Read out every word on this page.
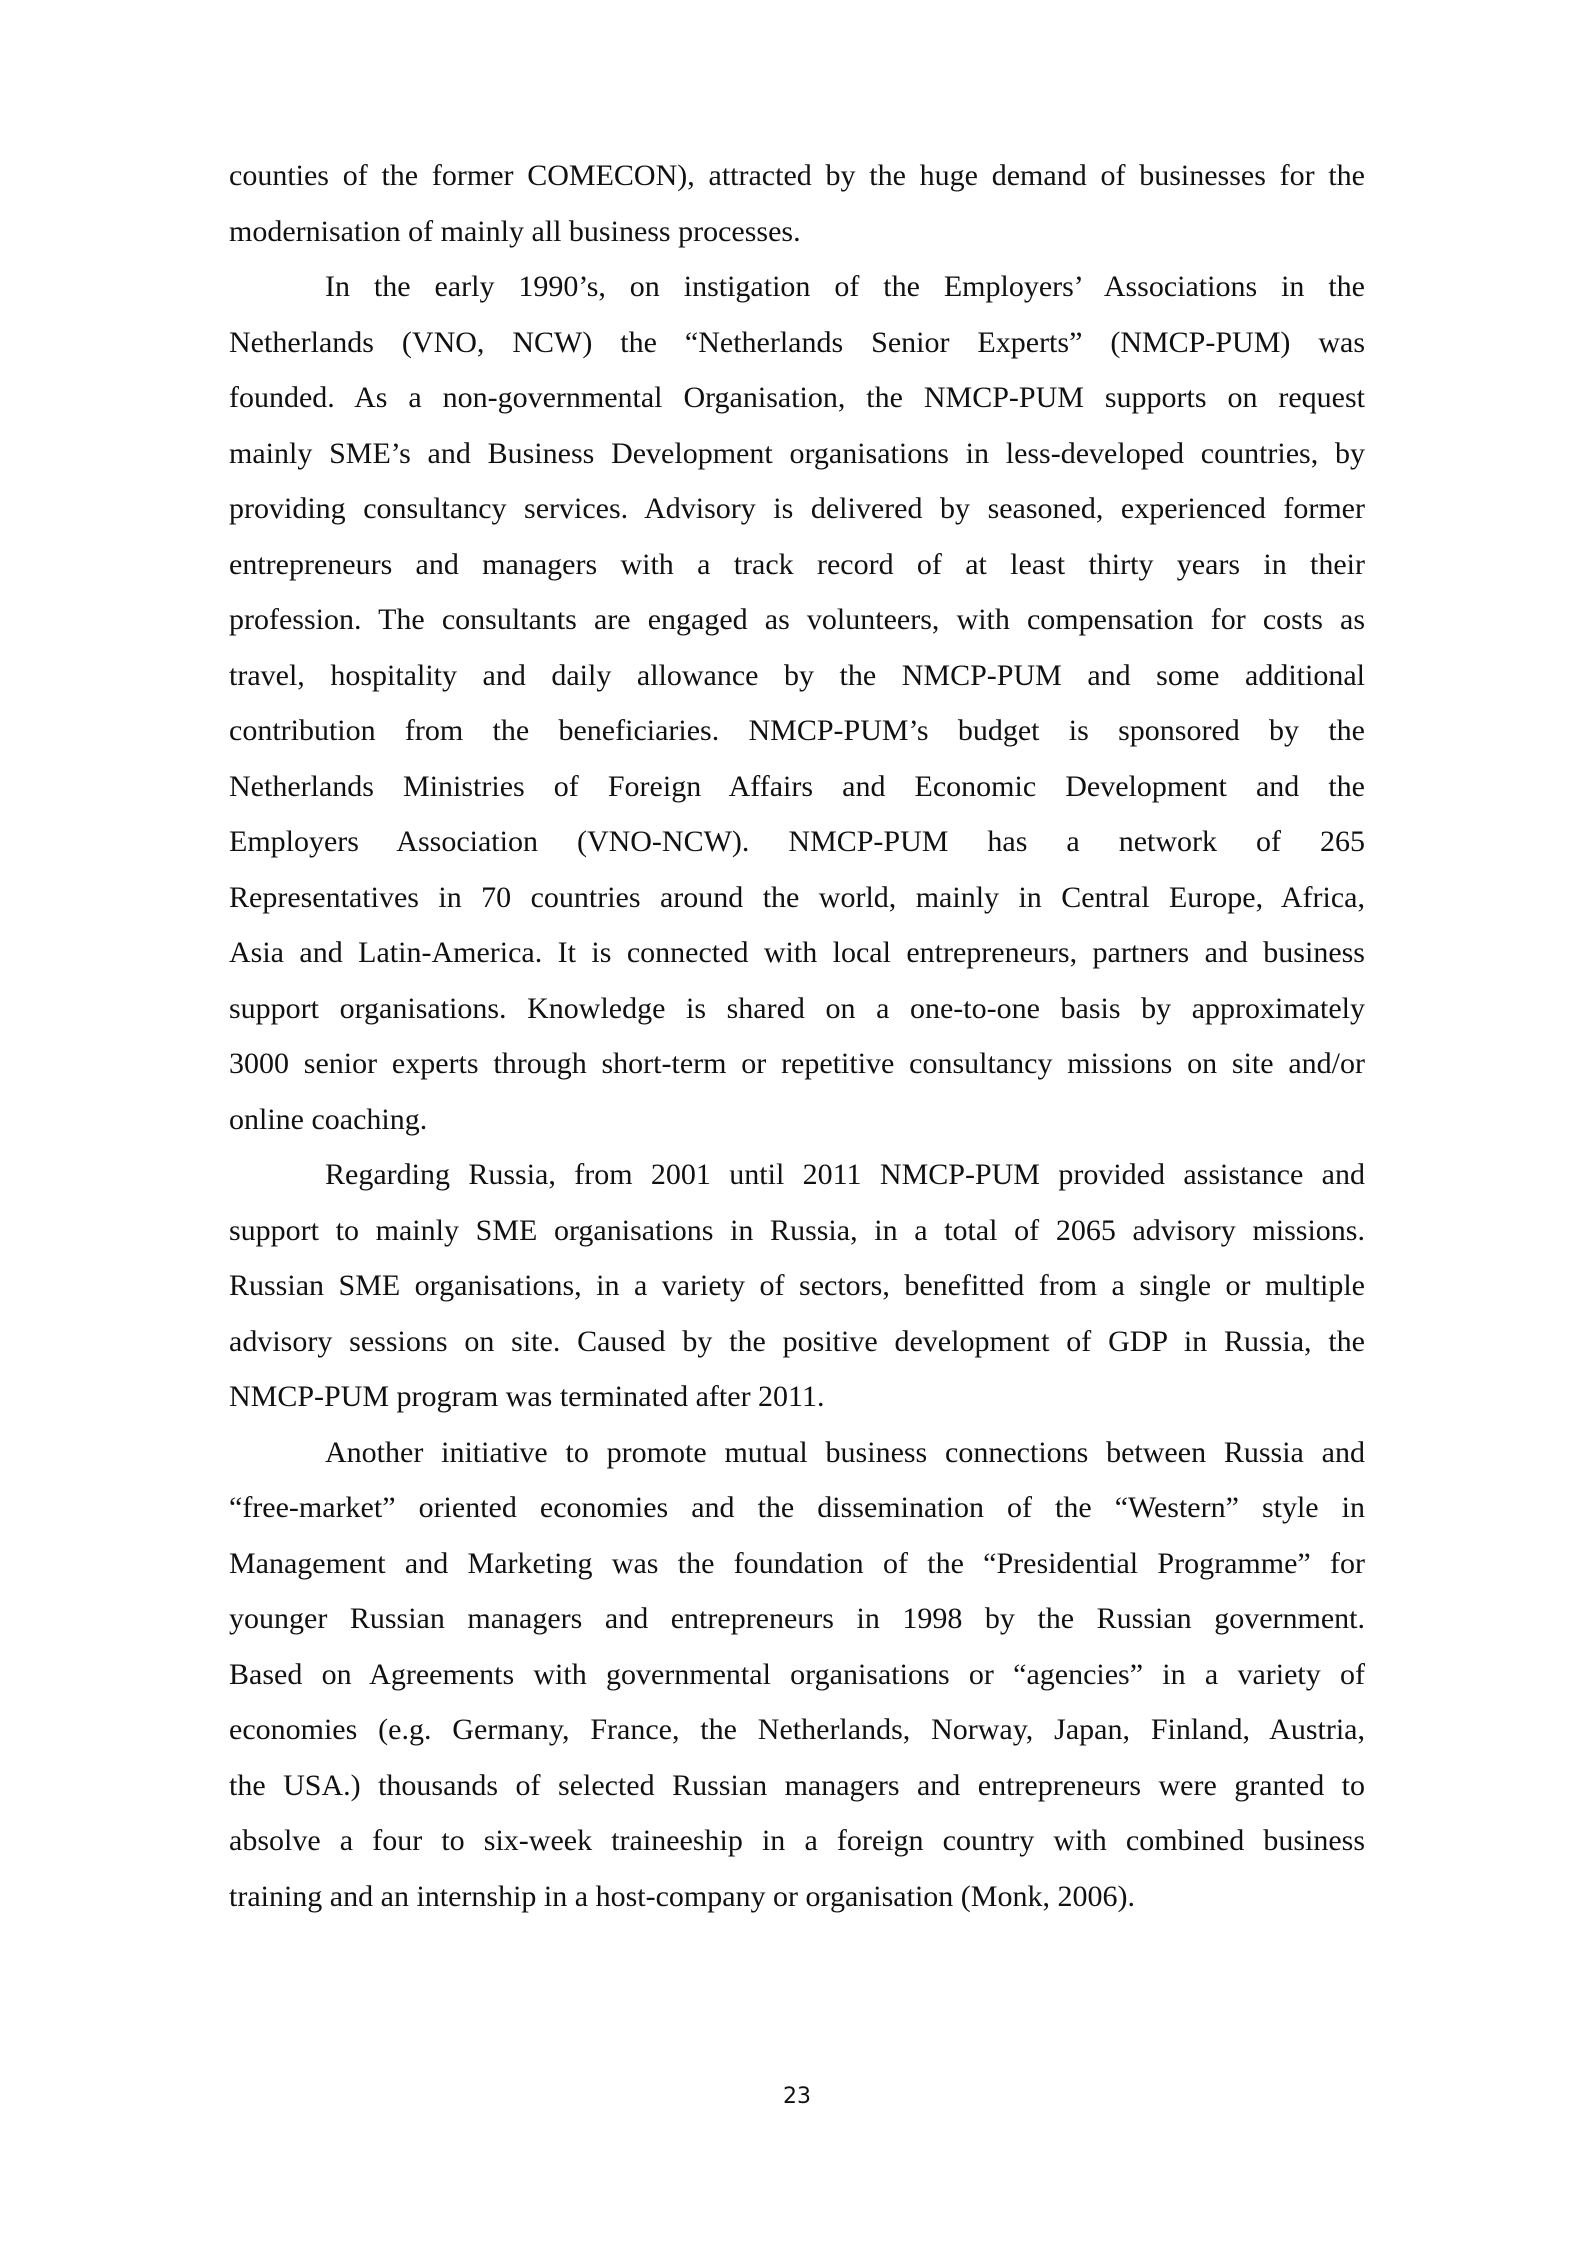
counties of the former COMECON), attracted by the huge demand of businesses for the
modernisation of mainly all business processes.
In the early 1990’s, on instigation of the Employers’ Associations in the
Netherlands (VNO, NCW) the “Netherlands Senior Experts” (NMCP-PUM) was
founded. As a non-governmental Organisation, the NMCP-PUM supports on request
mainly SME’s and Business Development organisations in less-developed countries, by
providing consultancy services. Advisory is delivered by seasoned, experienced former
entrepreneurs and managers with a track record of at least thirty years in their
profession. The consultants are engaged as volunteers, with compensation for costs as
travel, hospitality and daily allowance by the NMCP-PUM and some additional
contribution from the beneficiaries. NMCP-PUM’s budget is sponsored by the
Netherlands Ministries of Foreign Affairs and Economic Development and the
Employers Association (VNO-NCW). NMCP-PUM has a network of 265
Representatives in 70 countries around the world, mainly in Central Europe, Africa,
Asia and Latin-America. It is connected with local entrepreneurs, partners and business
support organisations. Knowledge is shared on a one-to-one basis by approximately
3000 senior experts through short-term or repetitive consultancy missions on site and/or
online coaching.
Regarding Russia, from 2001 until 2011 NMCP-PUM provided assistance and
support to mainly SME organisations in Russia, in a total of 2065 advisory missions.
Russian SME organisations, in a variety of sectors, benefitted from a single or multiple
advisory sessions on site. Caused by the positive development of GDP in Russia, the
NMCP-PUM program was terminated after 2011.
Another initiative to promote mutual business connections between Russia and
“free-market” oriented economies and the dissemination of the “Western” style in
Management and Marketing was the foundation of the “Presidential Programme” for
younger Russian managers and entrepreneurs in 1998 by the Russian government.
Based on Agreements with governmental organisations or “agencies” in a variety of
economies (e.g. Germany, France, the Netherlands, Norway, Japan, Finland, Austria,
the USA.) thousands of selected Russian managers and entrepreneurs were granted to
absolve a four to six-week traineeship in a foreign country with combined business
training and an internship in a host-company or organisation (Monk, 2006).
23
